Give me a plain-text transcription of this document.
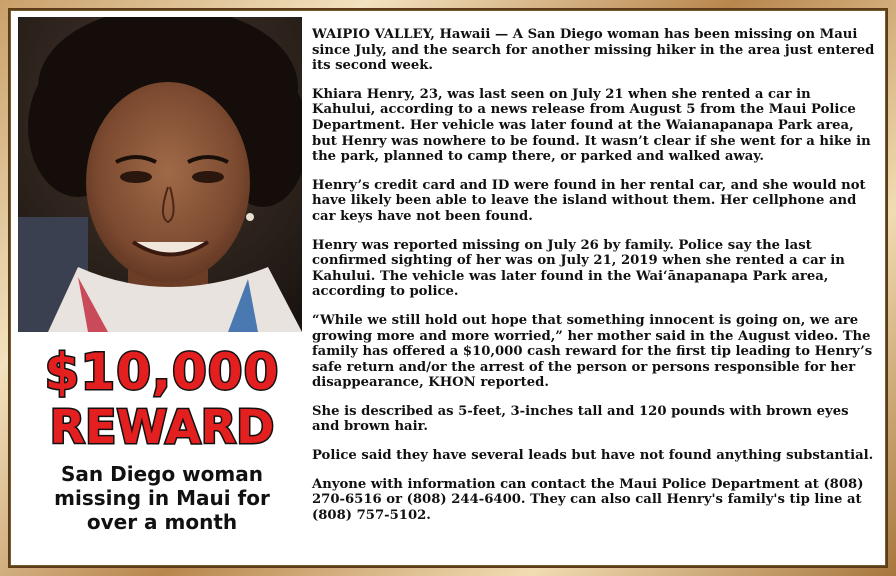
$10,000
REWARD
San Diego woman
missing in Maui for
over a month

WAIPIO VALLEY, Hawaii — A San Diego woman has been missing on Maui since July, and the search for another missing hiker in the area just entered its second week.

Khiara Henry, 23, was last seen on July 21 when she rented a car in Kahului, according to a news release from August 5 from the Maui Police Department. Her vehicle was later found at the Waianapanapa Park area, but Henry was nowhere to be found. It wasn’t clear if she went for a hike in the park, planned to camp there, or parked and walked away.

Henry’s credit card and ID were found in her rental car, and she would not have likely been able to leave the island without them. Her cellphone and car keys have not been found.

Henry was reported missing on July 26 by family. Police say the last confirmed sighting of her was on July 21, 2019 when she rented a car in Kahului. The vehicle was later found in the Waiʻānapanapa Park area, according to police.

“While we still hold out hope that something innocent is going on, we are growing more and more worried,” her mother said in the August video. The family has offered a $10,000 cash reward for the first tip leading to Henry’s safe return and/or the arrest of the person or persons responsible for her disappearance, KHON reported.

She is described as 5-feet, 3-inches tall and 120 pounds with brown eyes and brown hair.

Police said they have several leads but have not found anything substantial.

Anyone with information can contact the Maui Police Department at (808) 270-6516 or (808) 244-6400. They can also call Henry's family's tip line at (808) 757-5102.
